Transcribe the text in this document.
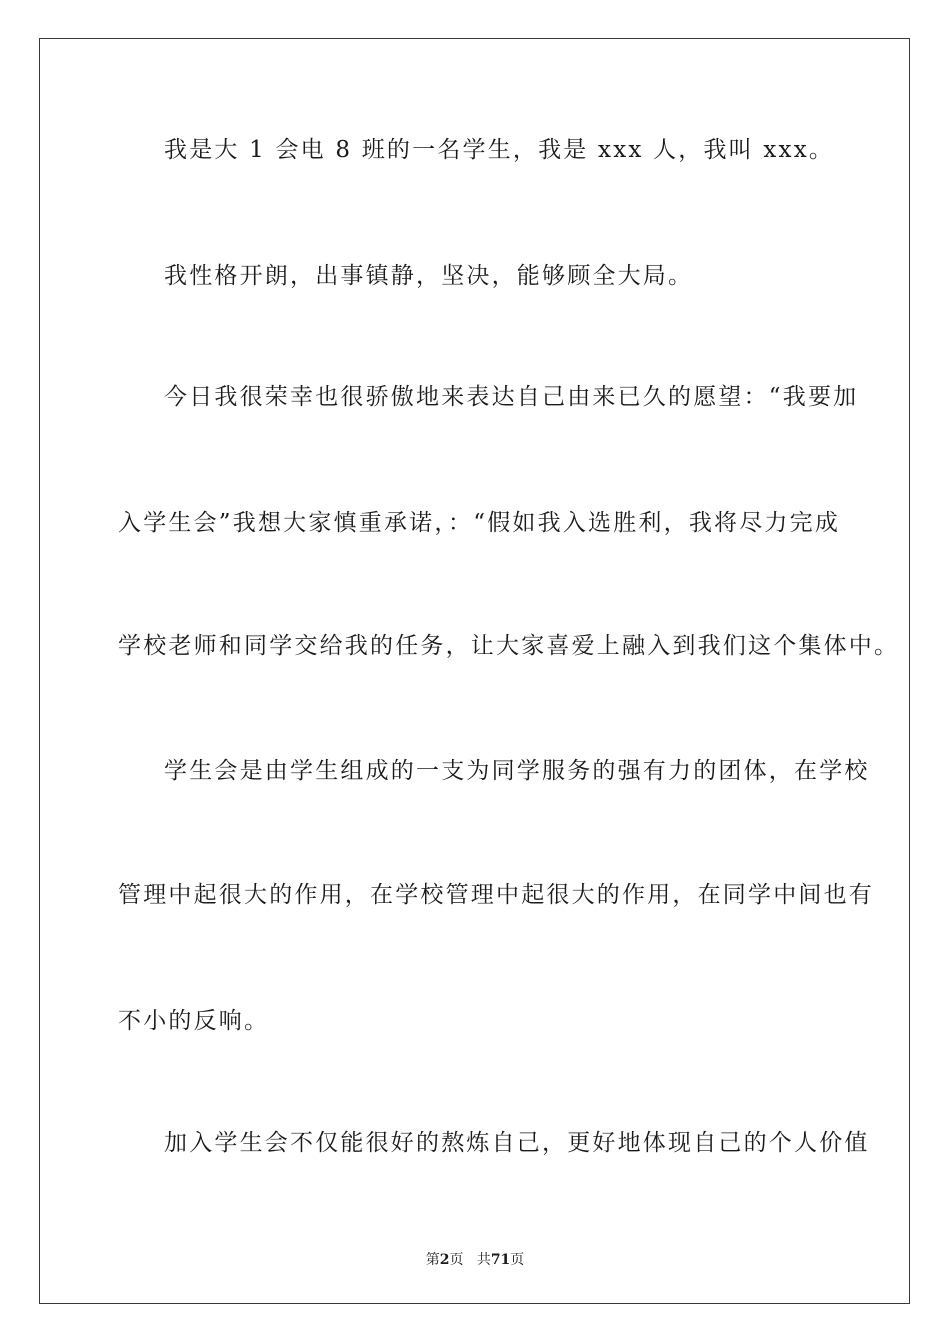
我是大 1 会电 8 班的一名学生，我是 xxx 人，我叫 xxx。
我性格开朗，出事镇静，坚决，能够顾全大局。
今日我很荣幸也很骄傲地来表达自己由来已久的愿望：“我要加
入学生会”我想大家慎重承诺，：“假如我入选胜利，我将尽力完成
学校老师和同学交给我的任务，让大家喜爱上融入到我们这个集体中。
学生会是由学生组成的一支为同学服务的强有力的团体，在学校
管理中起很大的作用，在学校管理中起很大的作用，在同学中间也有
不小的反响。
加入学生会不仅能很好的熬炼自己，更好地体现自己的个人价值
第2页 共71页
